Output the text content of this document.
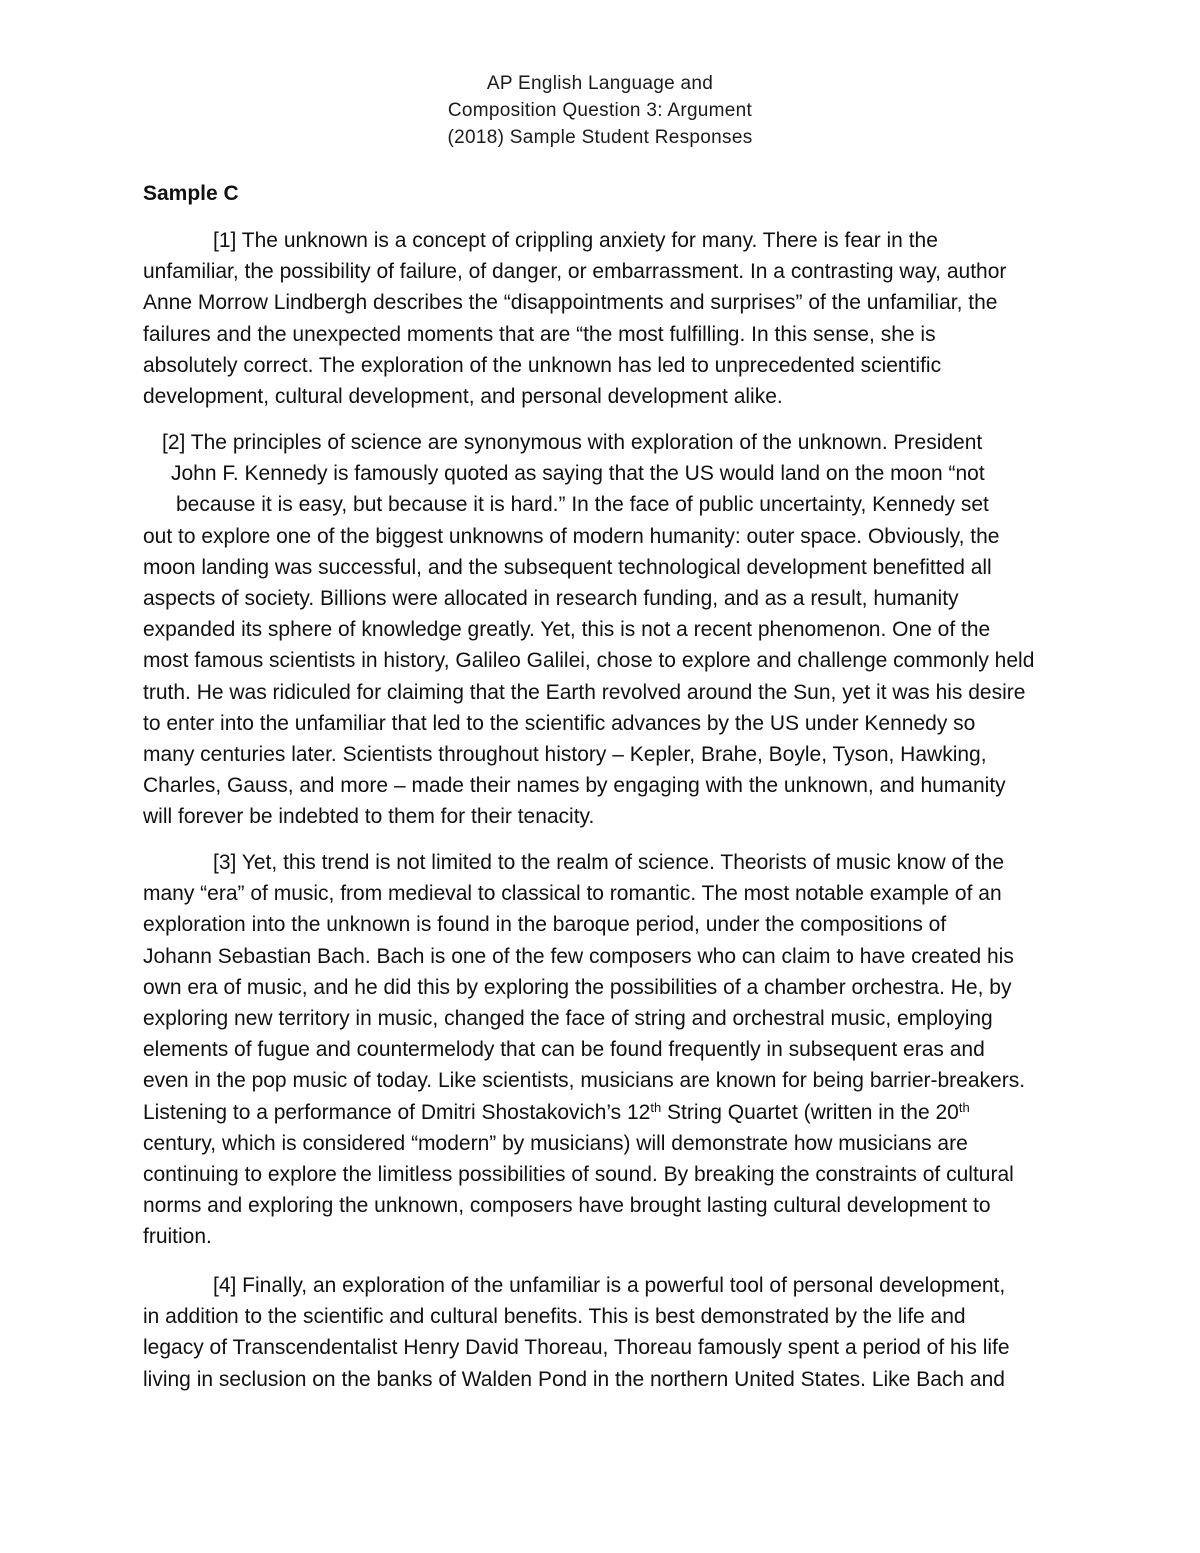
AP English Language and
Composition Question 3: Argument
(2018) Sample Student Responses
Sample C

[1] The unknown is a concept of crippling anxiety for many. There is fear in the

unfamiliar, the possibility of failure, of danger, or embarrassment. In a contrasting way, author

Anne Morrow Lindbergh describes the “disappointments and surprises” of the unfamiliar, the

failures and the unexpected moments that are “the most fulfilling. In this sense, she is

absolutely correct. The exploration of the unknown has led to unprecedented scientific

development, cultural development, and personal development alike.

[2] The principles of science are synonymous with exploration of the unknown. President

John F. Kennedy is famously quoted as saying that the US would land on the moon “not

because it is easy, but because it is hard.” In the face of public uncertainty, Kennedy set

out to explore one of the biggest unknowns of modern humanity: outer space. Obviously, the

moon landing was successful, and the subsequent technological development benefitted all

aspects of society. Billions were allocated in research funding, and as a result, humanity

expanded its sphere of knowledge greatly. Yet, this is not a recent phenomenon. One of the

most famous scientists in history, Galileo Galilei, chose to explore and challenge commonly held

truth. He was ridiculed for claiming that the Earth revolved around the Sun, yet it was his desire

to enter into the unfamiliar that led to the scientific advances by the US under Kennedy so

many centuries later. Scientists throughout history – Kepler, Brahe, Boyle, Tyson, Hawking,

Charles, Gauss, and more – made their names by engaging with the unknown, and humanity

will forever be indebted to them for their tenacity.

[3] Yet, this trend is not limited to the realm of science. Theorists of music know of the

many “era” of music, from medieval to classical to romantic. The most notable example of an

exploration into the unknown is found in the baroque period, under the compositions of

Johann Sebastian Bach. Bach is one of the few composers who can claim to have created his

own era of music, and he did this by exploring the possibilities of a chamber orchestra. He, by

exploring new territory in music, changed the face of string and orchestral music, employing

elements of fugue and countermelody that can be found frequently in subsequent eras and

even in the pop music of today. Like scientists, musicians are known for being barrier-breakers.

Listening to a performance of Dmitri Shostakovich’s 12th String Quartet (written in the 20th

century, which is considered “modern” by musicians) will demonstrate how musicians are

continuing to explore the limitless possibilities of sound. By breaking the constraints of cultural

norms and exploring the unknown, composers have brought lasting cultural development to

fruition.

[4] Finally, an exploration of the unfamiliar is a powerful tool of personal development,

in addition to the scientific and cultural benefits. This is best demonstrated by the life and

legacy of Transcendentalist Henry David Thoreau, Thoreau famously spent a period of his life

living in seclusion on the banks of Walden Pond in the northern United States. Like Bach and
